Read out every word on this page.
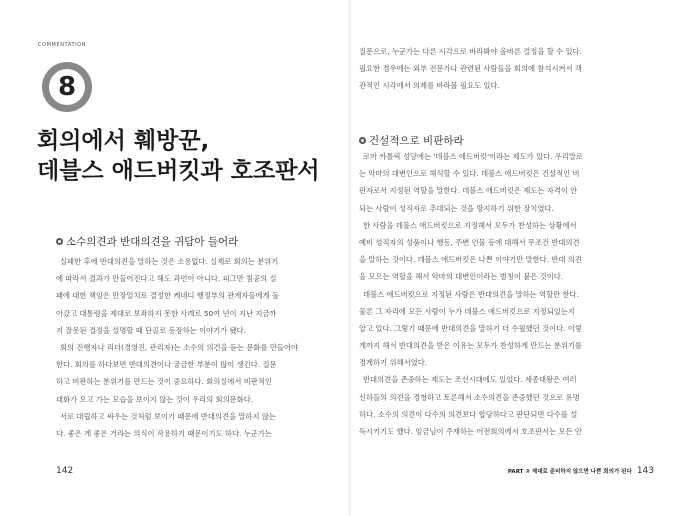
COMMENTATION
8
회의에서 훼방꾼,
데블스 애드버킷과 호조판서
소수의견과 반대의견을 귀담아 들어라
실패한 후에 반대의견을 말하는 것은 소용없다. 실제로 회의는 분위기
에 따라서 결과가 만들어진다고 해도 과언이 아니다. 피그만 침공의 실
패에 대한 책임은 만장일치로 결정한 케네디 행정부의 관계자들에게 돌
아갔고 대통령을 제대로 보좌하지 못한 사례로 50여 년이 지난 지금까
지 잘못된 결정을 설명할 때 단골로 등장하는 이야기가 됐다.
회의 진행자나 리더(경영진, 관리자)는 소수의 의견을 듣는 문화를 만들어야
한다. 회의를 하다보면 반대의견이나 궁금한 부분이 많이 생긴다. 질문
하고 비판하는 분위기를 만드는 것이 중요하다. 회의실에서 비판적인
대화가 오고 가는 모습을 보이지 않는 것이 우리의 회의문화다.
서로 대립하고 싸우는 것처럼 보이기 때문에 반대의견을 말하지 않는
다. 좋은 게 좋은 거라는 의식이 작용하기 때문이기도 하다. 누군가는
142
질문으로, 누군가는 다른 시각으로 바라봐야 올바른 결정을 할 수 있다.
필요한 경우에는 외부 전문가나 관련된 사람들을 회의에 참석시켜서 객
관적인 시각에서 의제를 바라볼 필요도 있다.
건설적으로 비판하라
로마 카톨릭 성당에는 '데블스 애드버킷'이라는 제도가 있다. 우리말로
는 악마의 대변인으로 해석할 수 있다. 데블스 애드버킷은 건설적인 비
판자로서 지정된 역할을 말한다. 데블스 애드버킷은 제도는 자격이 안
되는 사람이 성직자로 추대되는 것을 방지하기 위한 장치였다.
한 사람을 데블스 애드버킷으로 지정해서 모두가 찬성하는 상황에서
예비 성직자의 성품이나 행동, 주변 인물 등에 대해서 무조건 반대의견
을 말하는 것이다. 데블스 애드버킷은 나쁜 이야기만 말한다. 반대 의견
을 모으는 역할을 해서 악마의 대변인이라는 별칭이 붙은 것이다.
데블스 애드버킷으로 지정된 사람은 반대의견을 말하는 역할만 한다.
물론 그 자리에 모든 사람이 누가 데블스 애드버킷으로 지정되었는지
알고 있다. 그렇기 때문에 반대의견을 말하기 더 수월했던 것이다. 이렇
게까지 해서 반대의견을 받은 이유는 모두가 찬성하게 만드는 분위기를
경계하기 위해서였다.
반대의견을 존중하는 제도는 조선시대에도 있었다. 세종대왕은 여러
신하들의 의견을 경청하고 토론해서 소수의견을 존중했던 것으로 유명
하다. 소수의 의견이 다수의 의견보다 합당하다고 판단되면 다수를 설
득시키기도 했다. 임금님이 주재하는 어전회의에서 호조판서는 모든 안
PART ② 제대로 준비하지 않으면 나쁜 회의가 된다 143
